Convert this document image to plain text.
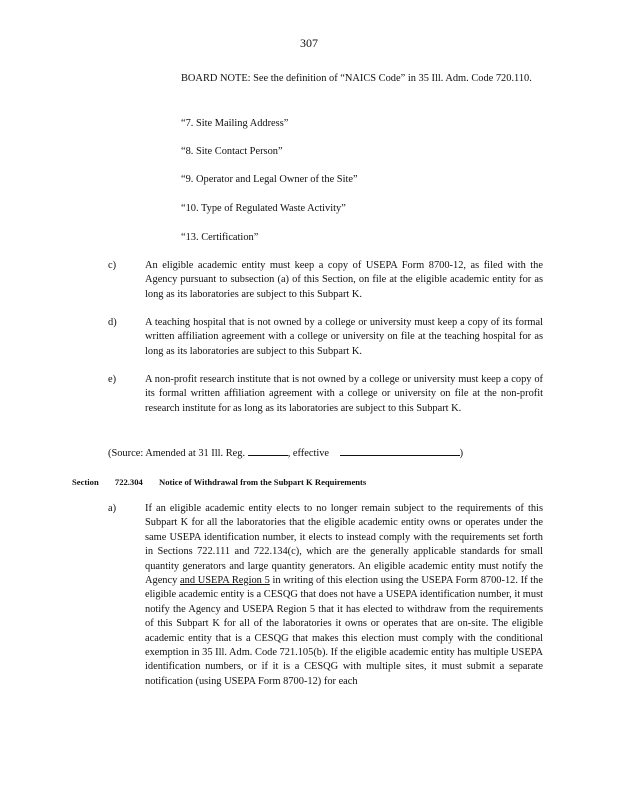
307

BOARD NOTE: See the definition of “NAICS Code” in 35 Ill. Adm. Code 720.110.

“7. Site Mailing Address”

“8. Site Contact Person”

“9. Operator and Legal Owner of the Site”

“10. Type of Regulated Waste Activity”

“13. Certification”

c)	An eligible academic entity must keep a copy of USEPA Form 8700-12, as filed with the Agency pursuant to subsection (a) of this Section, on file at the eligible academic entity for as long as its laboratories are subject to this Subpart K.

d)	A teaching hospital that is not owned by a college or university must keep a copy of its formal written affiliation agreement with a college or university on file at the teaching hospital for as long as its laboratories are subject to this Subpart K.

e)	A non-profit research institute that is not owned by a college or university must keep a copy of its formal written affiliation agreement with a college or university on file at the non-profit research institute for as long as its laboratories are subject to this Subpart K.

(Source: Amended at 31 Ill. Reg.	, effective	)
Section 722.304 Notice of Withdrawal from the Subpart K Requirements
a)	If an eligible academic entity elects to no longer remain subject to the requirements of this Subpart K for all the laboratories that the eligible academic entity owns or operates under the same USEPA identification number, it elects to instead comply with the requirements set forth in Sections 722.111 and 722.134(c), which are the generally applicable standards for small quantity generators and large quantity generators. An eligible academic entity must notify the Agency and USEPA Region 5 in writing of this election using the USEPA Form 8700-12. If the eligible academic entity is a CESQG that does not have a USEPA identification number, it must notify the Agency and USEPA Region 5 that it has elected to withdraw from the requirements of this Subpart K for all of the laboratories it owns or operates that are on-site. The eligible academic entity that is a CESQG that makes this election must comply with the conditional exemption in 35 Ill. Adm. Code 721.105(b). If the eligible academic entity has multiple USEPA identification numbers, or if it is a CESQG with multiple sites, it must submit a separate notification (using USEPA Form 8700-12) for each
